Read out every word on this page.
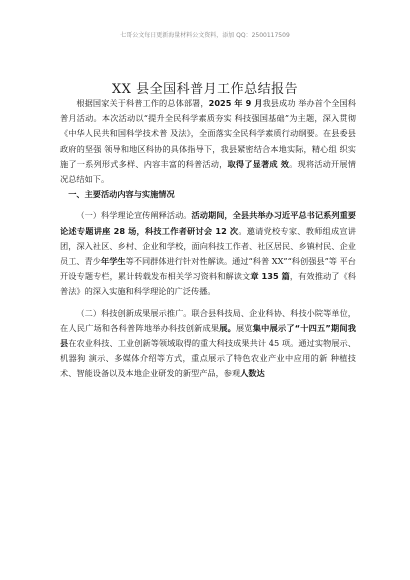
七哥公文每日更新海量材料公文资料，添加 QQ：2500117509
XX 县全国科普月工作总结报告

根据国家关于科普工作的总体部署，2025 年 9 月我县成功 举办首个全国科普月活动。本次活动以“提升全民科学素质夯实 科技强国基础”为主题，深入贯彻《中华人民共和国科学技术普 及法》，全面落实全民科学素质行动纲要。在县委县政府的坚强 领导和地区科协的具体指导下，我县紧密结合本地实际，精心组 织实施了一系列形式多样、内容丰富的科普活动，取得了显著成 效。现将活动开展情况总结如下。

一、主要活动内容与实施情况

（一）科学理论宣传阐释活动。活动期间，全县共举办习近平总书记系列重要论述专题讲座 28 场，科技工作者研讨会 12 次。邀请党校专家、教师组成宣讲团，深入社区、乡村、企业和学校，面向科技工作者、社区居民、乡镇村民、企业员工、青少年学生等不同群体进行针对性解读。通过“科普 XX”“科创强县”等 平台开设专题专栏，累计转载发布相关学习资料和解读文章 135 篇，有效推动了《科普法》的深入实施和科学理论的广泛传播。

（二）科技创新成果展示推广。联合县科技局、企业科协、科技小院等单位，在人民广场和各科普阵地举办科技创新成果展。展览集中展示了“十四五”期间我县在农业科技、工业创新等领域取得的重大科技成果共计 45 项。通过实物展示、机器狗 演示、多媒体介绍等方式，重点展示了特色农业产业中应用的新 种植技术、智能设备以及本地企业研发的新型产品，参观人数达
